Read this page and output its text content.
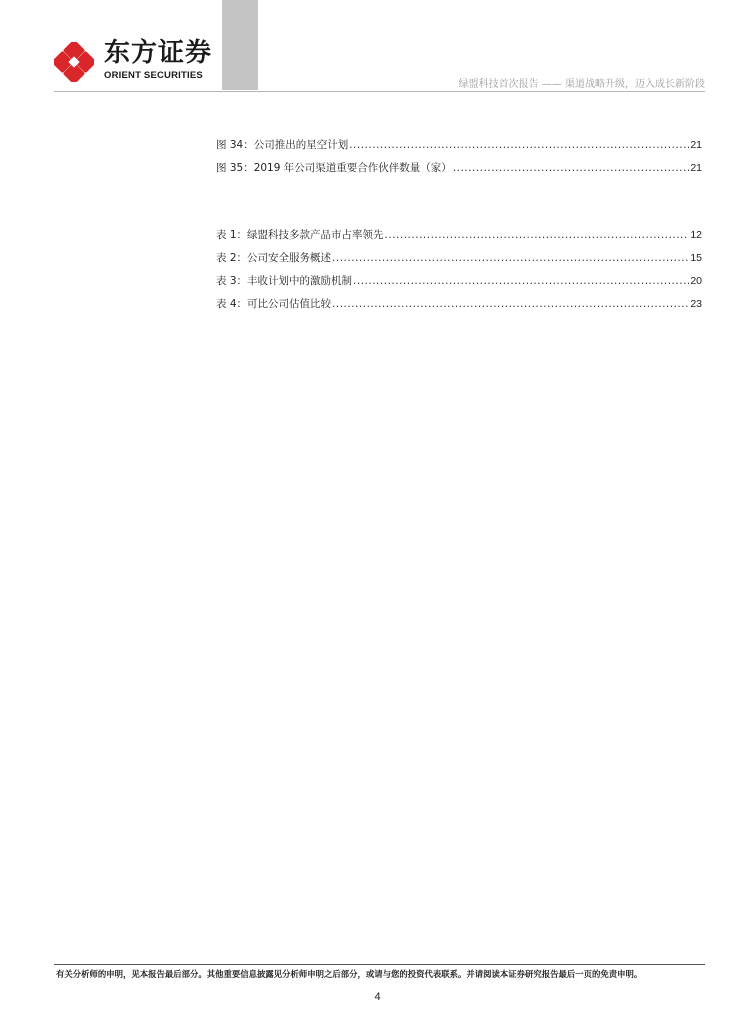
东方证券
ORIENT SECURITIES
绿盟科技首次报告 —— 渠道战略升级，迈入成长新阶段
图 34：公司推出的星空计划 .....	21
图 35：2019 年公司渠道重要合作伙伴数量（家） .....	21
表 1：绿盟科技多款产品市占率领先 .....	12
表 2：公司安全服务概述 .....	15
表 3：丰收计划中的激励机制 .....	20
表 4：可比公司估值比较 .....	23
有关分析师的申明，见本报告最后部分。其他重要信息披露见分析师申明之后部分，或请与您的投资代表联系。并请阅读本证券研究报告最后一页的免责申明。
4
